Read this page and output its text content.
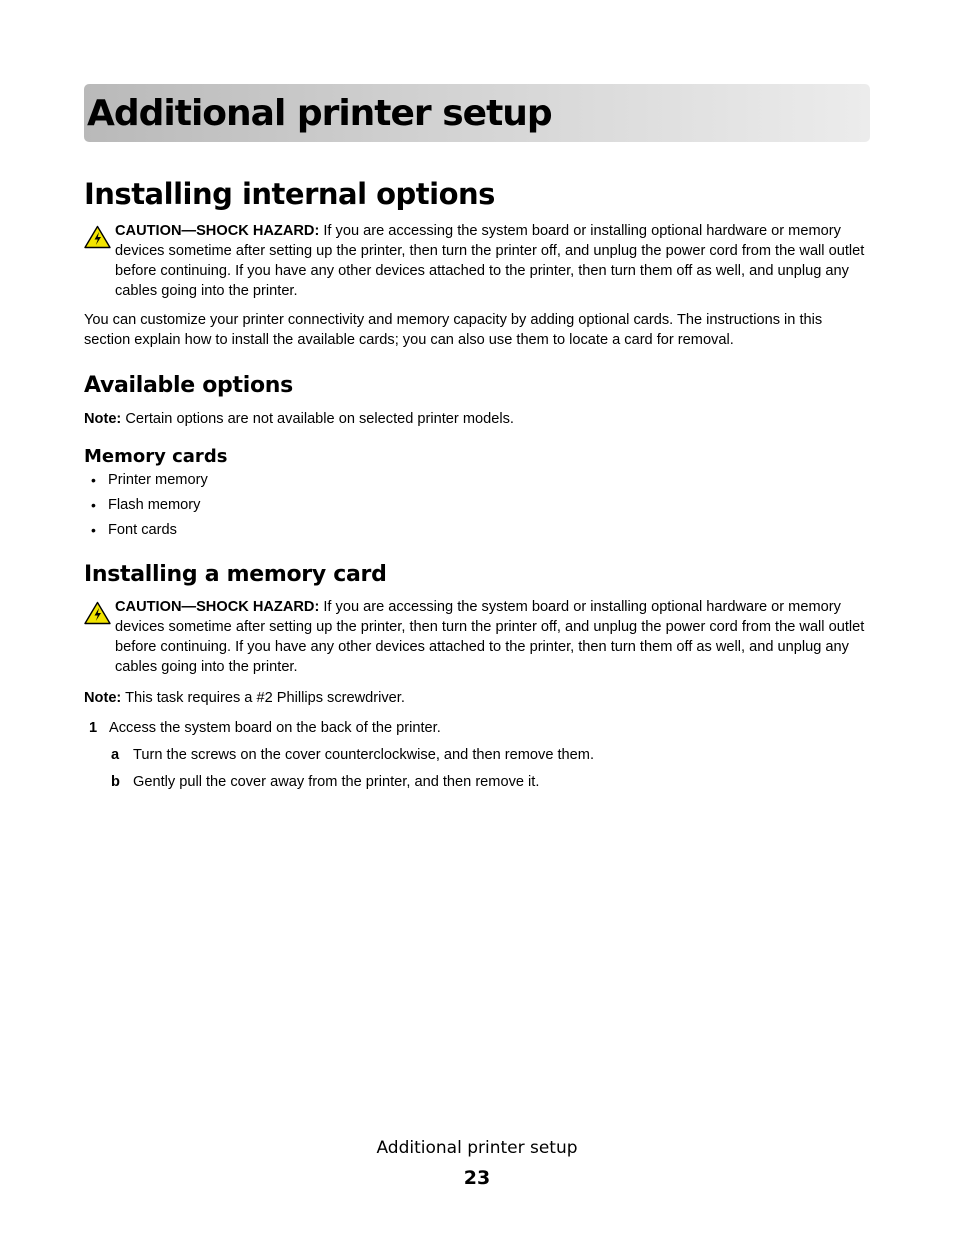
Additional printer setup
Installing internal options
CAUTION—SHOCK HAZARD: If you are accessing the system board or installing optional hardware or memory devices sometime after setting up the printer, then turn the printer off, and unplug the power cord from the wall outlet before continuing. If you have any other devices attached to the printer, then turn them off as well, and unplug any cables going into the printer.

You can customize your printer connectivity and memory capacity by adding optional cards. The instructions in this section explain how to install the available cards; you can also use them to locate a card for removal.

Available options

Note: Certain options are not available on selected printer models.

Memory cards
• Printer memory
• Flash memory
• Font cards
Installing a memory card
CAUTION—SHOCK HAZARD: If you are accessing the system board or installing optional hardware or memory devices sometime after setting up the printer, then turn the printer off, and unplug the power cord from the wall outlet before continuing. If you have any other devices attached to the printer, then turn them off as well, and unplug any cables going into the printer.

Note: This task requires a #2 Phillips screwdriver.

1 Access the system board on the back of the printer.
a Turn the screws on the cover counterclockwise, and then remove them.
b Gently pull the cover away from the printer, and then remove it.
Additional printer setup
23
